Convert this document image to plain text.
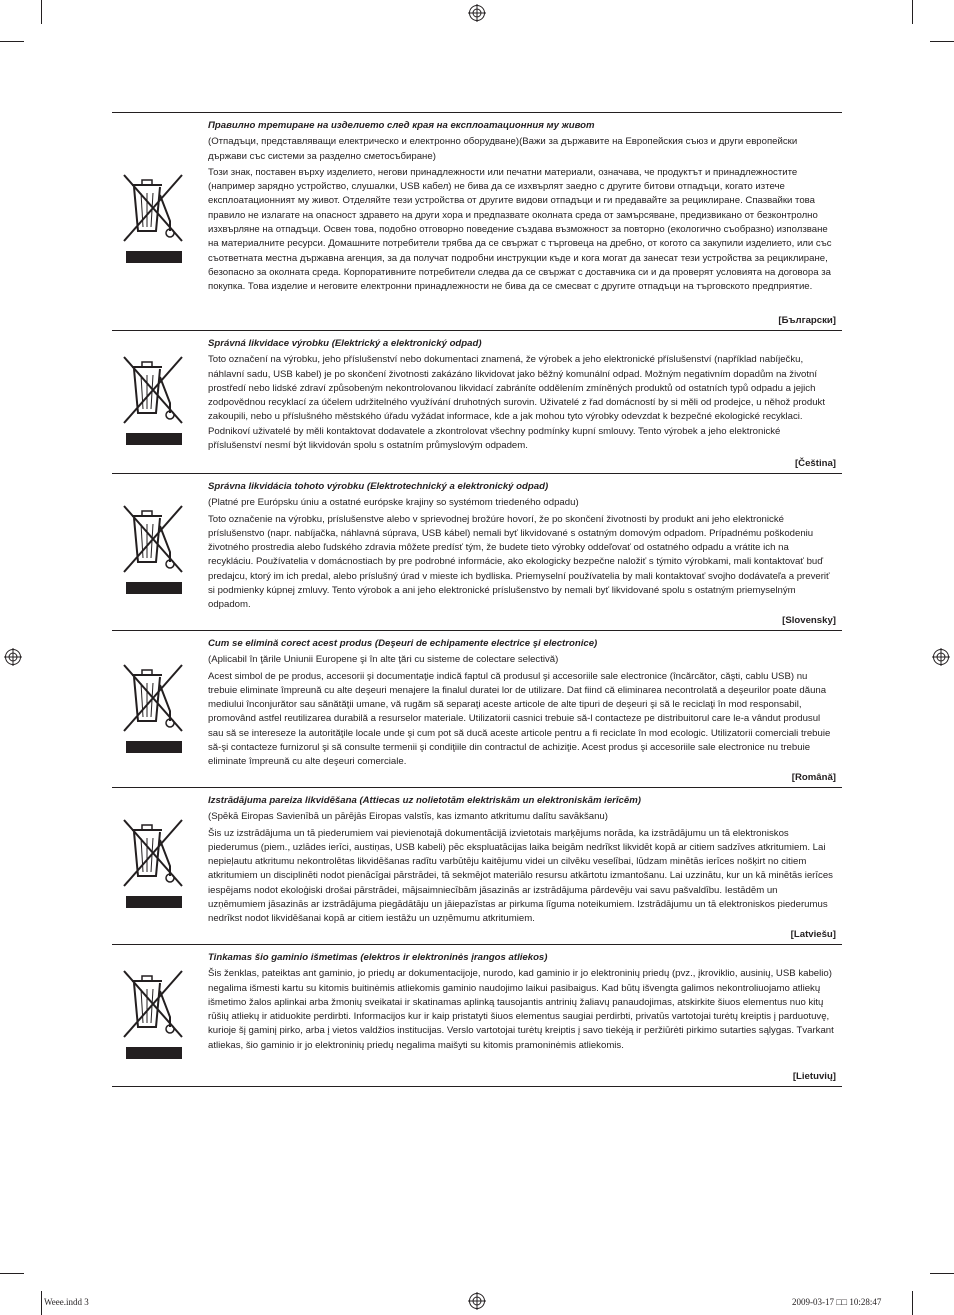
Правилно третиране на изделието след края на експлоатационния му живот

(Отпадъци, представляващи електрическо и електронно оборудване)(Важи за държавите на Европейския съюз и други европейски държави със системи за разделно сметосъбиране)

Този знак, поставен върху изделието, негови принадлежности или печатни материали, означава, че продуктът и принадлежностите (например зарядно устройство, слушалки, USB кабел) не бива да се изхвърлят заедно с другите битови отпадъци, когато изтече експлоатационният му живот. Отделяйте тези устройства от другите видови отпадъци и ги предавайте за рециклиране. Спазвайки това правило не излагате на опасност здравето на други хора и предпазвате околната среда от замърсяване, предизвикано от безконтролно изхвърляне на отпадъци. Освен това, подобно отговорно поведение създава възможност за повторно (екологично съобразно) използване на материалните ресурси. Домашните потребители трябва да се свържат с търговеца на дребно, от когото са закупили изделието, или със съответната местна държавна агенция, за да получат подробни инструкции къде и кога могат да занесат тези устройства за рециклиране, безопасно за околната среда. Корпоративните потребители следва да се свържат с доставчика си и да проверят условията на договора за покупка. Това изделие и неговите електронни принадлежности не бива да се смесват с другите отпадъци на търговското предприятие.

[Български]

Správná likvidace výrobku (Elektrický a elektronický odpad)

Toto označení na výrobku, jeho příslušenství nebo dokumentaci znamená, že výrobek a jeho elektronické příslušenství (například nabíječku, náhlavní sadu, USB kabel) je po skončení životnosti zakázáno likvidovat jako běžný komunální odpad. Možným negativním dopadům na životní prostředí nebo lidské zdraví způsobeným nekontrolovanou likvidací zabráníte oddělením zmíněných produktů od ostatních typů odpadu a jejich zodpovědnou recyklací za účelem udržitelného využívání druhotných surovin. Uživatelé z řad domácností by si měli od prodejce, u něhož produkt zakoupili, nebo u příslušného městského úřadu vyžádat informace, kde a jak mohou tyto výrobky odevzdat k bezpečné ekologické recyklaci. Podnikoví uživatelé by měli kontaktovat dodavatele a zkontrolovat všechny podmínky kupní smlouvy. Tento výrobek a jeho elektronické příslušenství nesmí být likvidován spolu s ostatním průmyslovým odpadem.

[Čeština]

Správna likvidácia tohoto výrobku (Elektrotechnický a elektronický odpad)

(Platné pre Európsku úniu a ostatné európske krajiny so systémom triedeného odpadu)

Toto označenie na výrobku, príslušenstve alebo v sprievodnej brožúre hovorí, že po skončení životnosti by produkt ani jeho elektronické príslušenstvo (napr. nabíjačka, náhlavná súprava, USB kábel) nemali byť likvidované s ostatným domovým odpadom. Prípadnému poškodeniu životného prostredia alebo ľudského zdravia môžete predísť tým, že budete tieto výrobky oddeľovať od ostatného odpadu a vrátite ich na recykláciu. Používatelia v domácnostiach by pre podrobné informácie, ako ekologicky bezpečne naložiť s týmito výrobkami, mali kontaktovať buď predajcu, ktorý im ich predal, alebo príslušný úrad v mieste ich bydliska. Priemyselní používatelia by mali kontaktovať svojho dodávateľa a preveriť si podmienky kúpnej zmluvy. Tento výrobok a ani jeho elektronické príslušenstvo by nemali byť likvidované spolu s ostatným priemyselným odpadom.

[Slovensky]

Cum se elimină corect acest produs (Deşeuri de echipamente electrice şi electronice)

(Aplicabil în ţările Uniunii Europene şi în alte ţări cu sisteme de colectare selectivă)

Acest simbol de pe produs, accesorii şi documentaţie indică faptul că produsul şi accesoriile sale electronice (încărcător, căşti, cablu USB) nu trebuie eliminate împreună cu alte deşeuri menajere la finalul duratei lor de utilizare. Dat fiind că eliminarea necontrolată a deşeurilor poate dăuna mediului înconjurător sau sănătăţii umane, vă rugăm să separaţi aceste articole de alte tipuri de deşeuri şi să le reciclaţi în mod responsabil, promovând astfel reutilizarea durabilă a resurselor materiale. Utilizatorii casnici trebuie să-l contacteze pe distribuitorul care le-a vândut produsul sau să se intereseze la autorităţile locale unde şi cum pot să ducă aceste articole pentru a fi reciclate în mod ecologic. Utilizatorii comerciali trebuie să-şi contacteze furnizorul şi să consulte termenii şi condiţiile din contractul de achiziţie. Acest produs şi accesoriile sale electronice nu trebuie eliminate împreună cu alte deşeuri comerciale.

[Română]

Izstrādājuma pareiza likvidēšana (Attiecas uz nolietotām elektriskām un elektroniskām ierīcēm)

(Spēkā Eiropas Savienībā un pārējās Eiropas valstīs, kas izmanto atkritumu dalītu savākšanu)

Šis uz izstrādājuma un tā piederumiem vai pievienotajā dokumentācijā izvietotais marķējums norāda, ka izstrādājumu un tā elektroniskos piederumus (piem., uzlādes ierīci, austiņas, USB kabeli) pēc ekspluatācijas laika beigām nedrīkst likvidēt kopā ar citiem sadzīves atkritumiem. Lai nepieļautu atkritumu nekontrolētas likvidēšanas radītu varbūtēju kaitējumu videi un cilvēku veselībai, lūdzam minētās ierīces nošķirt no citiem atkritumiem un disciplinēti nodot pienācīgai pārstrādei, tā sekmējot materiālo resursu atkārtotu izmantošanu. Lai uzzinātu, kur un kā minētās ierīces iespējams nodot ekoloģiski drošai pārstrādei, mājsaimniecībām jāsazinās ar izstrādājuma pārdevēju vai savu pašvaldību. Iestādēm un uzņēmumiem jāsazinās ar izstrādājuma piegādātāju un jāiepazīstas ar pirkuma līguma noteikumiem. Izstrādājumu un tā elektroniskos piederumus nedrīkst nodot likvidēšanai kopā ar citiem iestāžu un uzņēmumu atkritumiem.

[Latviešu]

Tinkamas šio gaminio išmetimas (elektros ir elektroninės įrangos atliekos)

Šis ženklas, pateiktas ant gaminio, jo priedų ar dokumentacijoje, nurodo, kad gaminio ir jo elektroninių priedų (pvz., įkroviklio, ausinių, USB kabelio) negalima išmesti kartu su kitomis buitinėmis atliekomis gaminio naudojimo laikui pasibaigus. Kad būtų išvengta galimos nekontroliuojamo atliekų išmetimo žalos aplinkai arba žmonių sveikatai ir skatinamas aplinką tausojantis antrinių žaliavų panaudojimas, atskirkite šiuos elementus nuo kitų rūšių atliekų ir atiduokite perdirbti. Informacijos kur ir kaip pristatyti šiuos elementus saugiai perdirbti, privatūs vartotojai turėtų kreiptis į parduotuvę, kurioje šį gaminį pirko, arba į vietos valdžios institucijas. Verslo vartotojai turėtų kreiptis į savo tiekėją ir peržiūrėti pirkimo sutarties sąlygas. Tvarkant atliekas, šio gaminio ir jo elektroninių priedų negalima maišyti su kitomis pramoninėmis atliekomis.

[Lietuvių]
Weee.indd 3	2009-03-17 □□ 10:28:47
